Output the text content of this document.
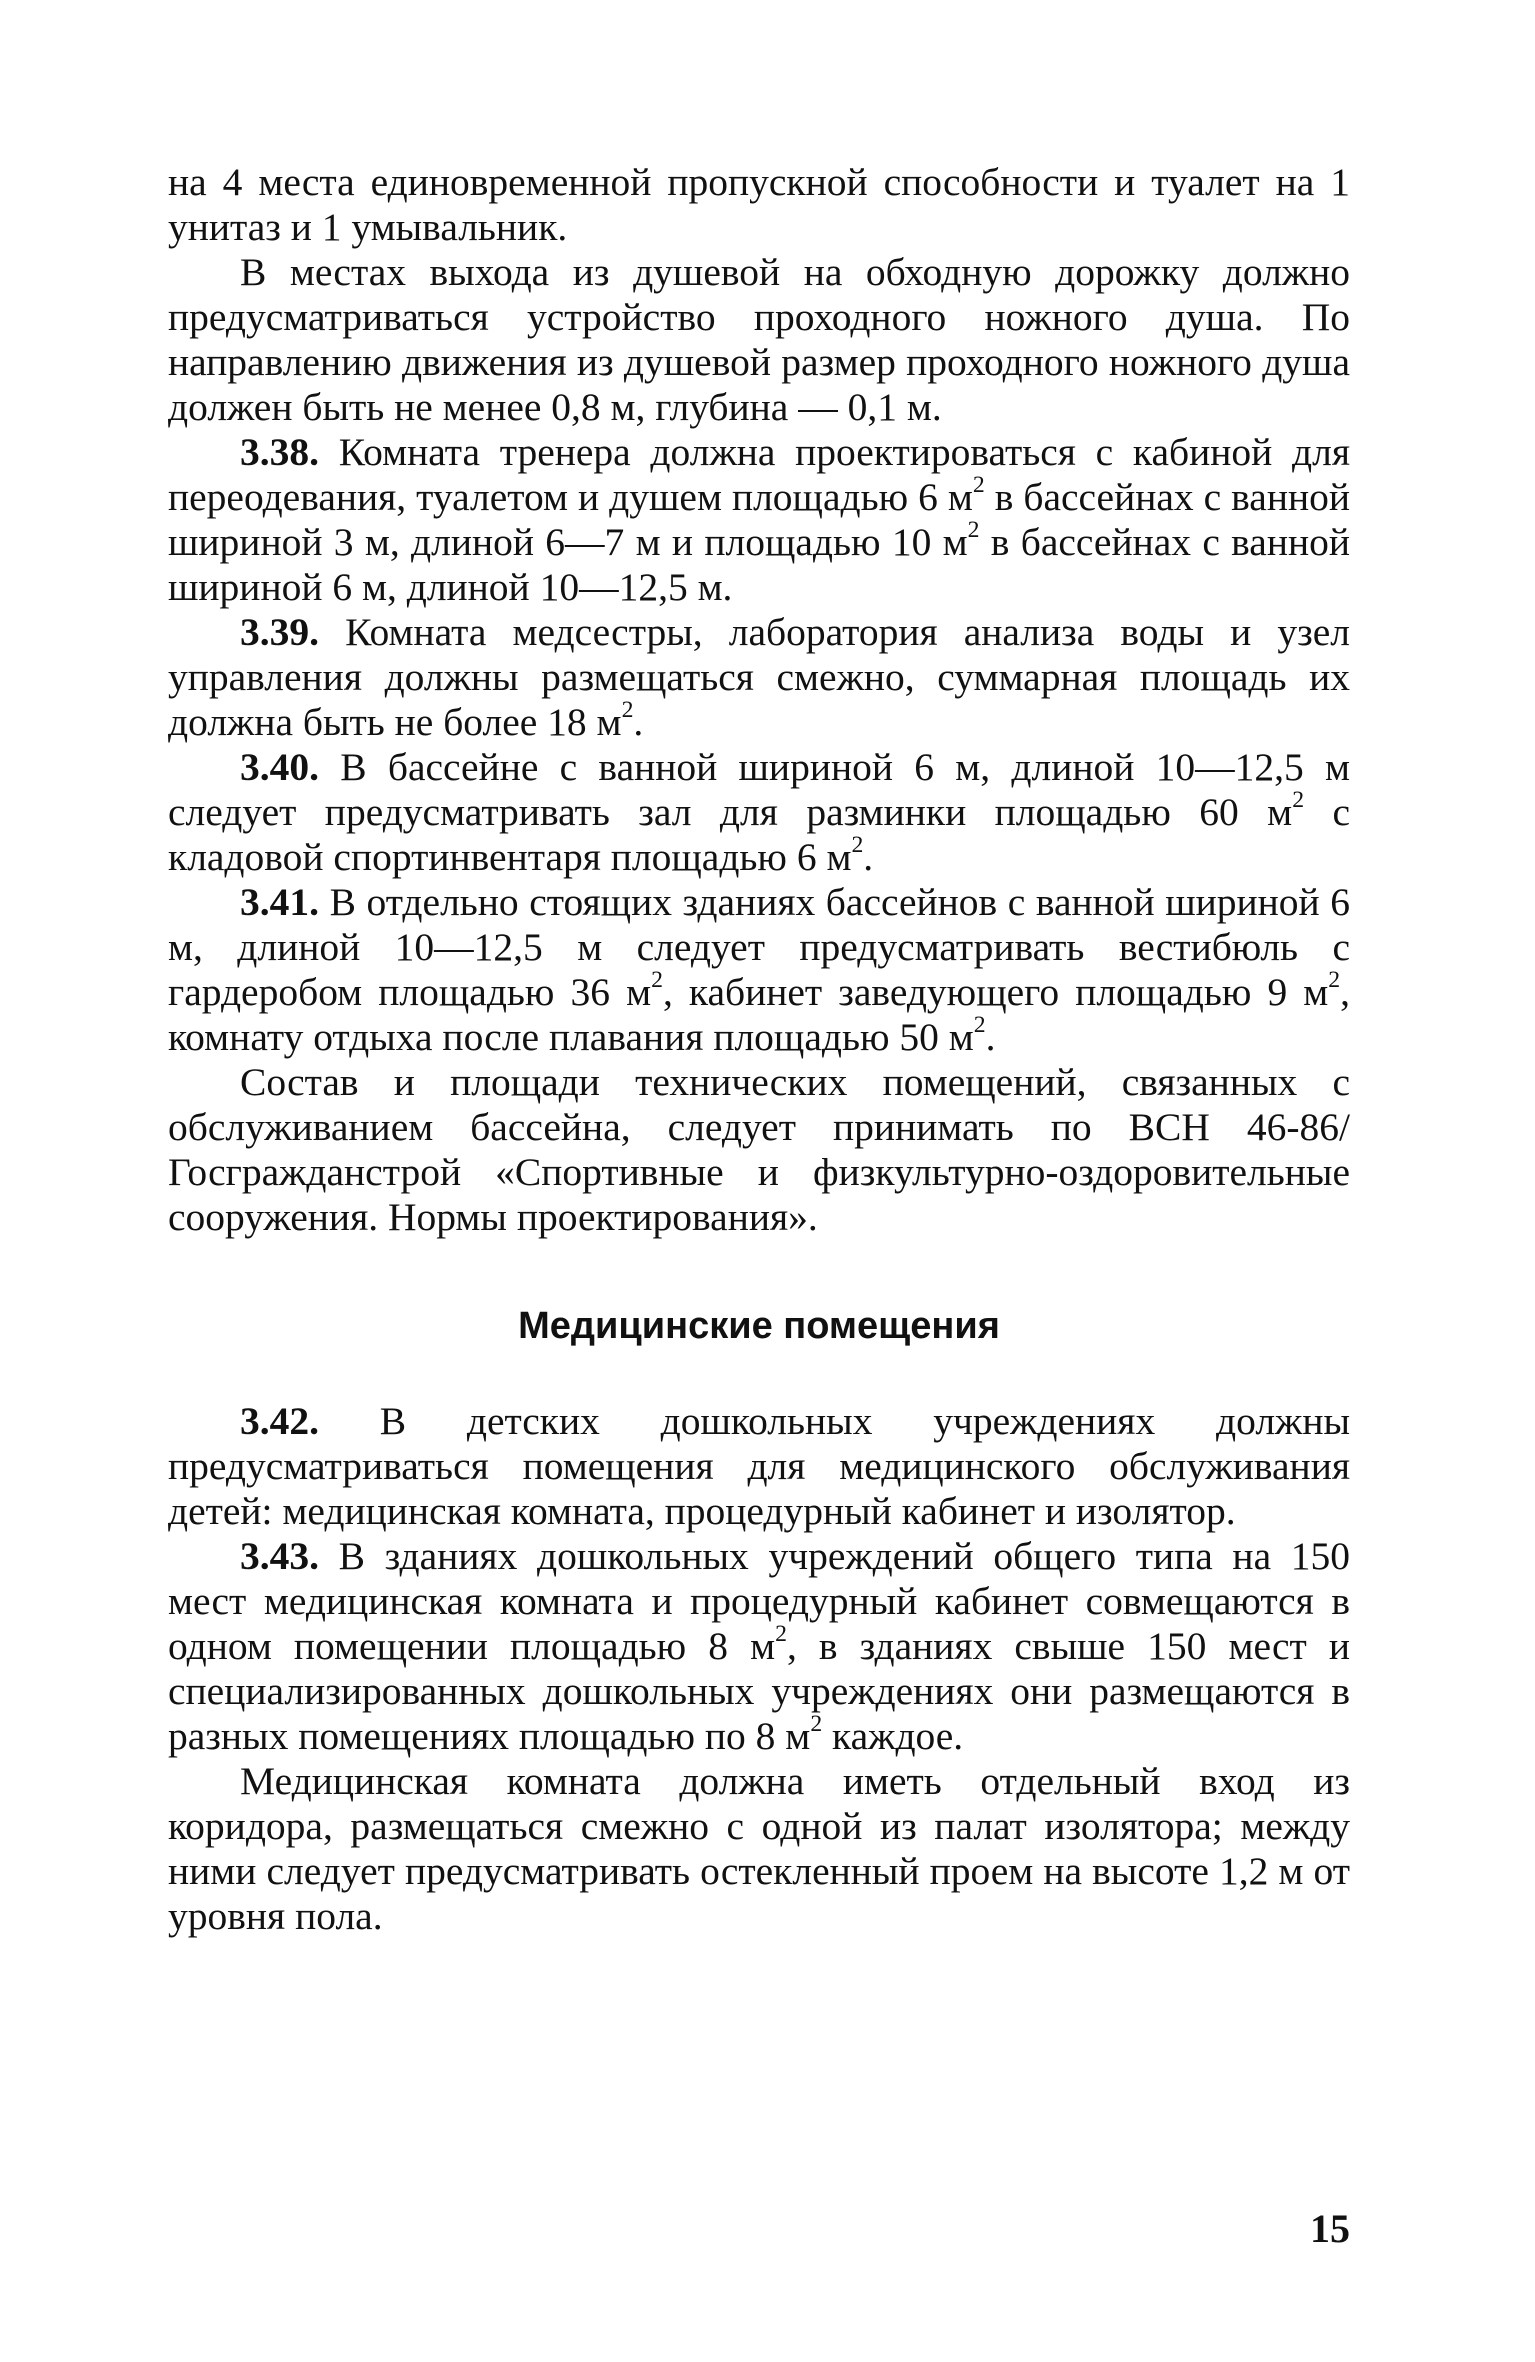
на 4 места единовременной пропускной способности и туалет на 1 унитаз и 1 умывальник.

В местах выхода из душевой на обходную дорожку должно предусматриваться устройство проходного ножного душа. По направлению движения из душевой размер проходного ножного душа должен быть не менее 0,8 м, глубина — 0,1 м.

3.38. Комната тренера должна проектироваться с кабиной для переодевания, туалетом и душем площадью 6 $м^2$ в бассейнах с ванной шириной 3 м, длиной 6—7 м и площадью 10 $м^2$ в бассейнах с ванной шириной 6 м, длиной 10—12,5 м.

3.39. Комната медсестры, лаборатория анализа воды и узел управления должны размещаться смежно, суммарная площадь их должна быть не более 18 $м^2$.

3.40. В бассейне с ванной шириной 6 м, длиной 10—12,5 м следует предусматривать зал для разминки площадью 60 $м^2$ с кладовой спортинвентаря площадью 6 $м^2$.

3.41. В отдельно стоящих зданиях бассейнов с ванной шириной 6 м, длиной 10—12,5 м следует предусматривать вестибюль с гардеробом площадью 36 $м^2$, кабинет заведующего площадью 9 $м^2$, комнату отдыха после плавания площадью 50 $м^2$.

Состав и площади технических помещений, связанных с обслуживанием бассейна, следует принимать по ВСН 46-86/Госгражданстрой «Спортивные и физкультурно-оздоровительные сооружения. Нормы проектирования».

Медицинские помещения

3.42. В детских дошкольных учреждениях должны предусматриваться помещения для медицинского обслуживания детей: медицинская комната, процедурный кабинет и изолятор.

3.43. В зданиях дошкольных учреждений общего типа на 150 мест медицинская комната и процедурный кабинет совмещаются в одном помещении площадью 8 $м^2$, в зданиях свыше 150 мест и специализированных дошкольных учреждениях они размещаются в разных помещениях площадью по 8 $м^2$ каждое.

Медицинская комната должна иметь отдельный вход из коридора, размещаться смежно с одной из палат изолятора; между ними следует предусматривать остекленный проем на высоте 1,2 м от уровня пола.

15
